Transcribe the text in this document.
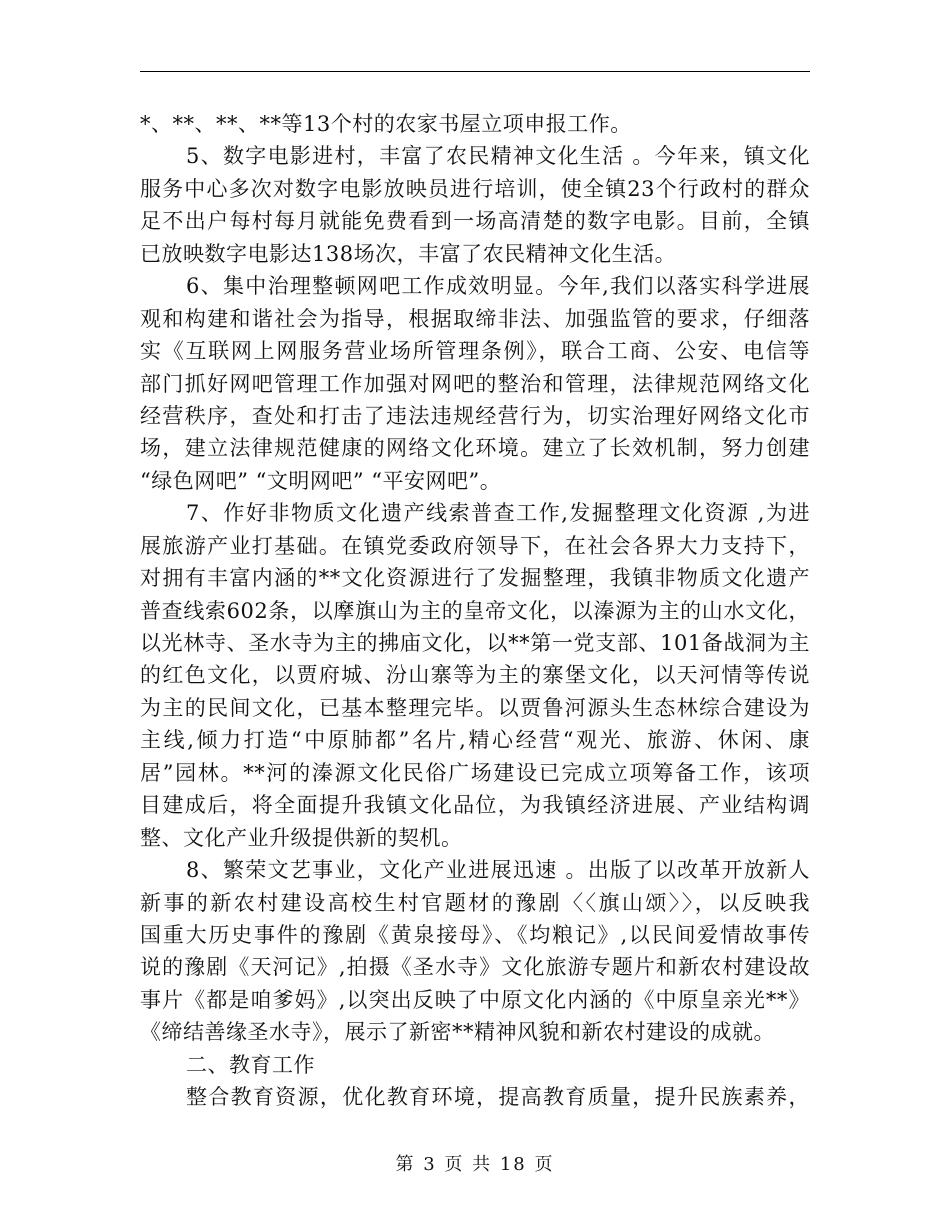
*、**、**、**等13个村的农家书屋立项申报工作。
5、数字电影进村，丰富了农民精神文化生活 。今年来，镇文化
服务中心多次对数字电影放映员进行培训，使全镇23个行政村的群众
足不出户每村每月就能免费看到一场高清楚的数字电影。目前，全镇
已放映数字电影达138场次，丰富了农民精神文化生活。
6、集中治理整顿网吧工作成效明显。今年,我们以落实科学进展
观和构建和谐社会为指导，根据取缔非法、加强监管的要求，仔细落
实《互联网上网服务营业场所管理条例》，联合工商、公安、电信等
部门抓好网吧管理工作加强对网吧的整治和管理，法律规范网络文化
经营秩序，查处和打击了违法违规经营行为，切实治理好网络文化市
场，建立法律规范健康的网络文化环境。建立了长效机制，努力创建
“绿色网吧” “文明网吧” “平安网吧”。
7、作好非物质文化遗产线索普查工作,发掘整理文化资源 ,为进
展旅游产业打基础。在镇党委政府领导下，在社会各界大力支持下，
对拥有丰富内涵的**文化资源进行了发掘整理，我镇非物质文化遗产
普查线索602条，以摩旗山为主的皇帝文化，以溱源为主的山水文化，
以光林寺、圣水寺为主的拂庙文化，以**第一党支部、101备战洞为主
的红色文化，以贾府城、汾山寨等为主的寨堡文化，以天河情等传说
为主的民间文化，已基本整理完毕。以贾鲁河源头生态林综合建设为
主线,倾力打造“中原肺都”名片,精心经营“观光、旅游、休闲、康
居”园林。**河的溱源文化民俗广场建设已完成立项筹备工作，该项
目建成后，将全面提升我镇文化品位，为我镇经济进展、产业结构调
整、文化产业升级提供新的契机。
8、繁荣文艺事业，文化产业进展迅速 。出版了以改革开放新人
新事的新农村建设高校生村官题材的豫剧〈〈旗山颂〉〉，以反映我
国重大历史事件的豫剧《黄泉接母》、《均粮记》,以民间爱情故事传
说的豫剧《天河记》,拍摄《圣水寺》文化旅游专题片和新农村建设故
事片《都是咱爹妈》,以突出反映了中原文化内涵的《中原皇亲光**》
《缔结善缘圣水寺》，展示了新密**精神风貌和新农村建设的成就。
二、教育工作
整合教育资源，优化教育环境，提高教育质量，提升民族素养，
第 3 页 共 18 页
